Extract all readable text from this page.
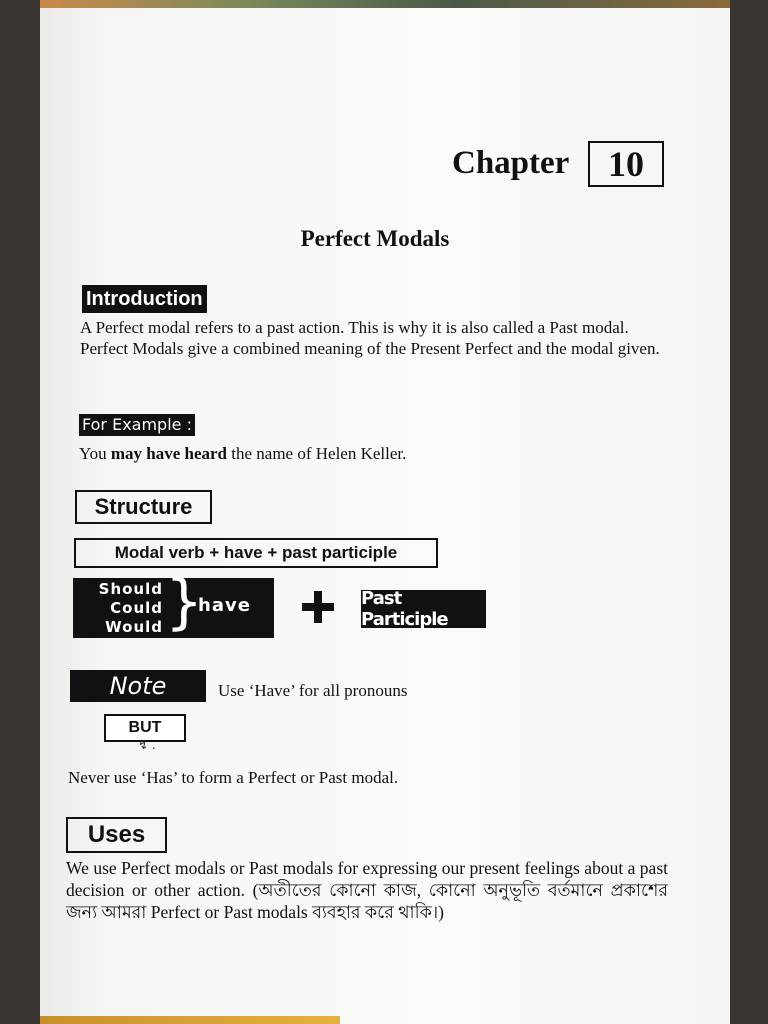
Chapter	10
Perfect Modals
Introduction
A Perfect modal refers to a past action. This is why it is also called a Past modal. Perfect Modals give a combined meaning of the Present Perfect and the modal given.
For Example :
You may have heard the name of Helen Keller.
Structure
Modal verb + have + past participle
Should
Could
Would }
have	Past Participle
Note	Use ‘Have’ for all pronouns
BUT
↯ .
Never use ‘Has’ to form a Perfect or Past modal.
Uses
We use Perfect modals or Past modals for expressing our present feelings about a past decision or other action. (অতীতের কোনো কাজ, কোনো অনুভূতি বর্তমানে প্রকাশের জন্য আমরা Perfect or Past modals ব্যবহার করে থাকি।)
